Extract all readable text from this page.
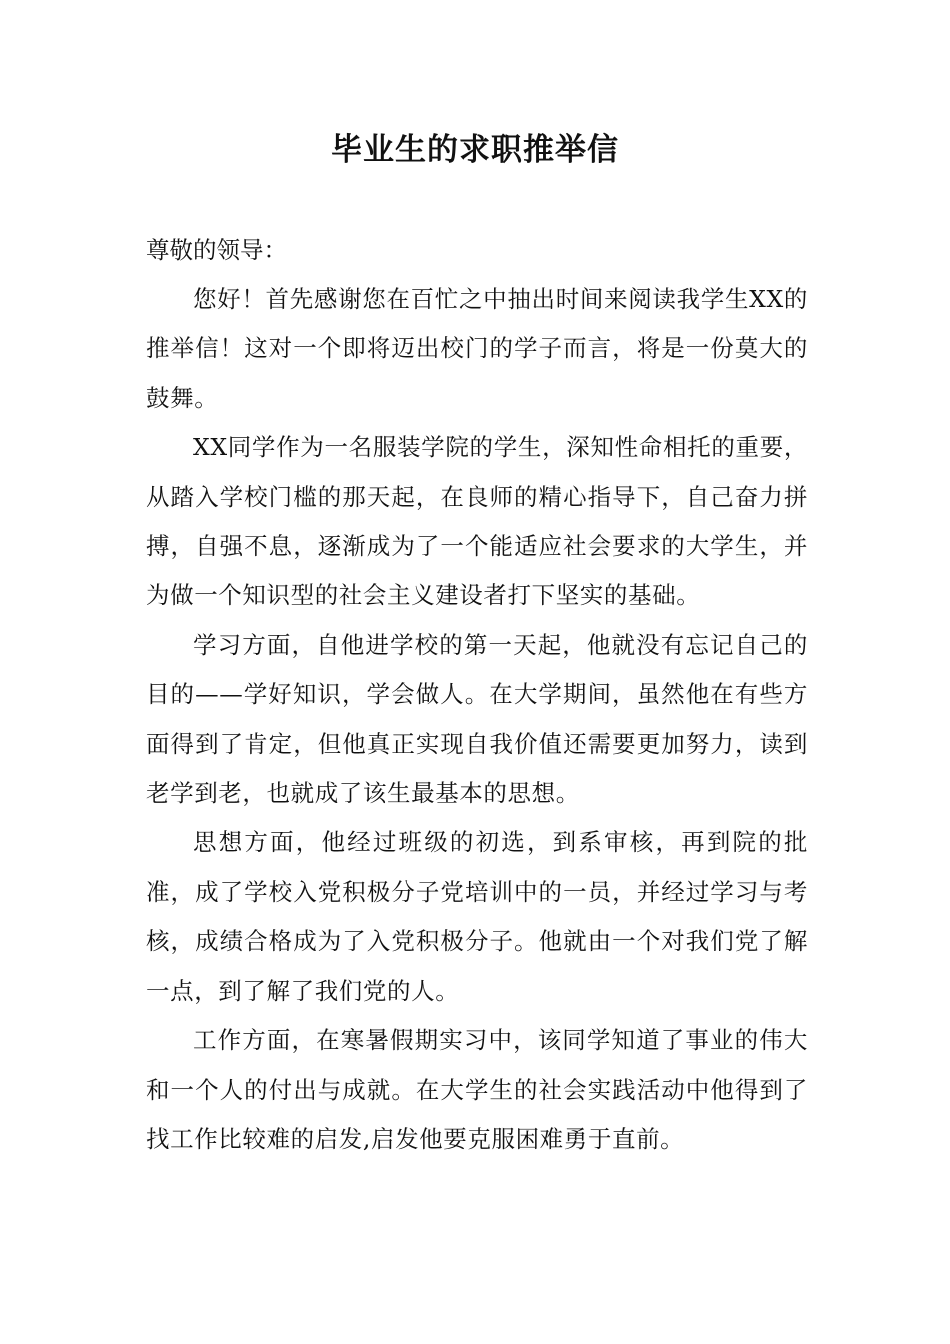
毕业生的求职推举信

尊敬的领导：

您好！首先感谢您在百忙之中抽出时间来阅读我学生XX的推举信！这对一个即将迈出校门的学子而言，将是一份莫大的鼓舞。

XX同学作为一名服装学院的学生，深知性命相托的重要，从踏入学校门槛的那天起，在良师的精心指导下，自己奋力拼搏，自强不息，逐渐成为了一个能适应社会要求的大学生，并为做一个知识型的社会主义建设者打下坚实的基础。

学习方面，自他进学校的第一天起，他就没有忘记自己的目的——学好知识，学会做人。在大学期间，虽然他在有些方面得到了肯定，但他真正实现自我价值还需要更加努力，读到老学到老，也就成了该生最基本的思想。

思想方面，他经过班级的初选，到系审核，再到院的批准，成了学校入党积极分子党培训中的一员，并经过学习与考核，成绩合格成为了入党积极分子。他就由一个对我们党了解一点，到了解了我们党的人。

工作方面，在寒暑假期实习中，该同学知道了事业的伟大和一个人的付出与成就。在大学生的社会实践活动中他得到了找工作比较难的启发,启发他要克服困难勇于直前。
